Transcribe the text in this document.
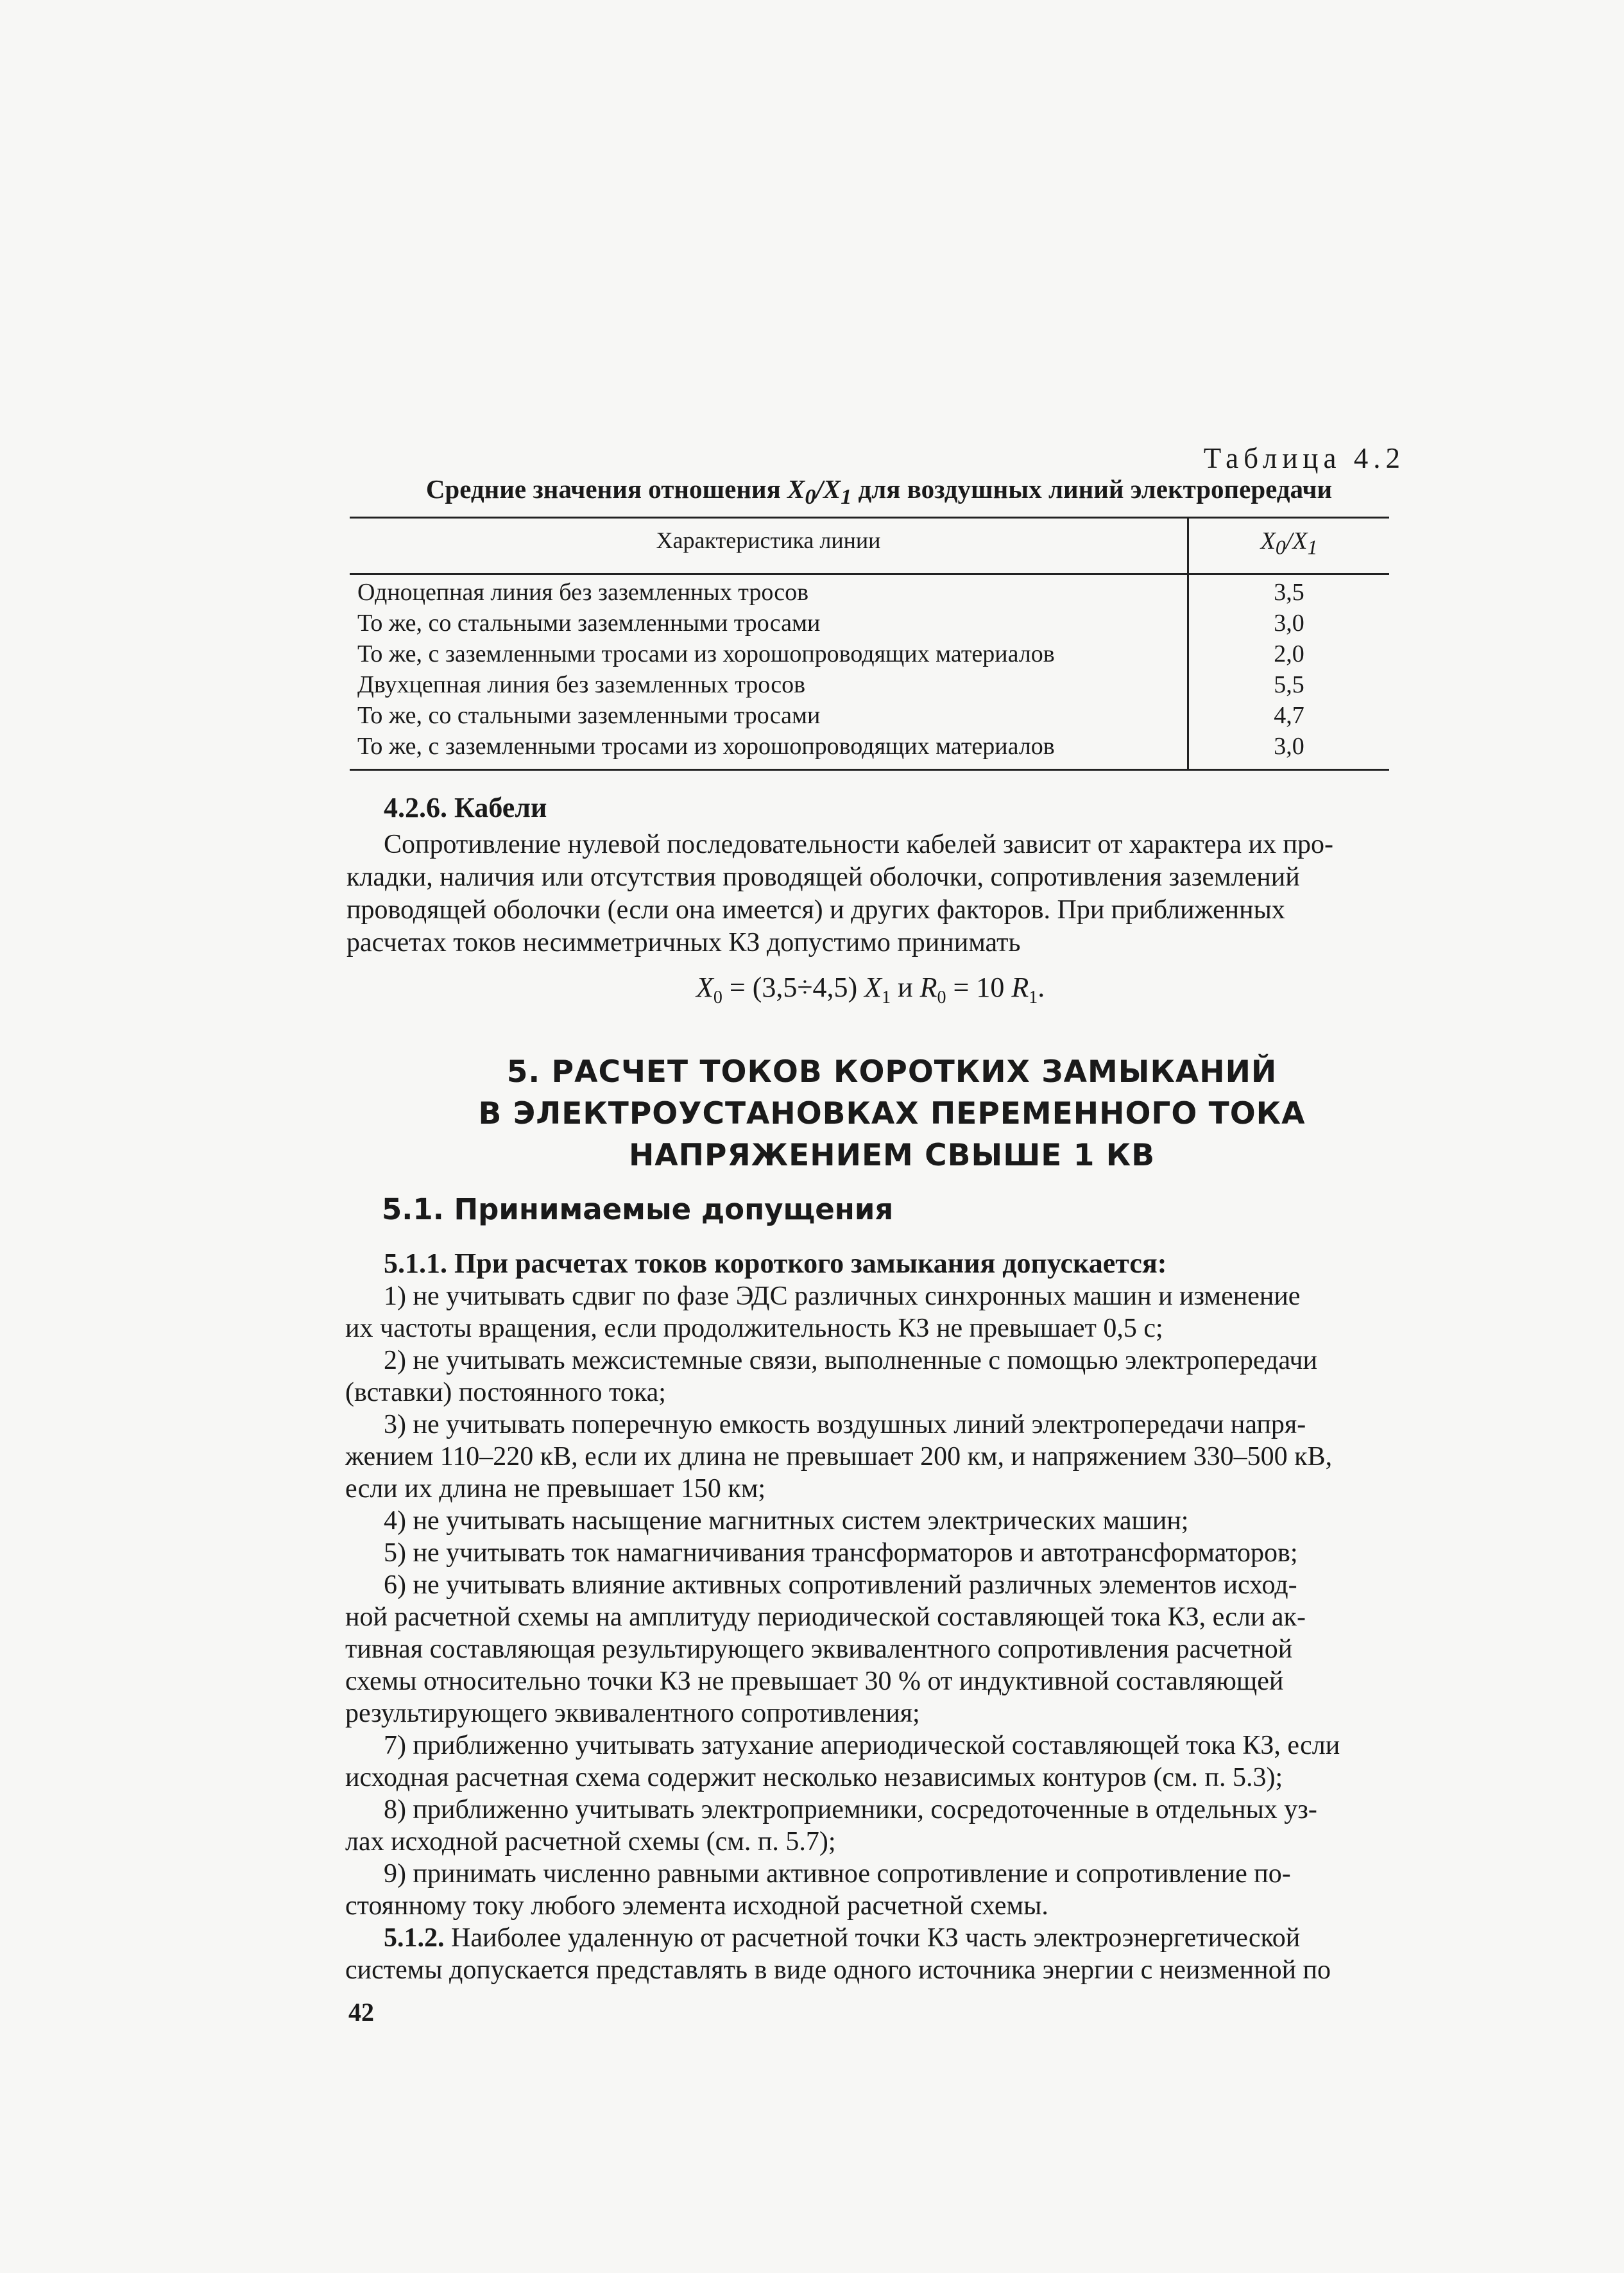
Таблица 4.2
Средние значения отношения $X_0/X_1$ для воздушных линий электропередачи
Характеристика линии	$X_0/X_1$
Одноцепная линия без заземленных тросов	3,5
То же, со стальными заземленными тросами	3,0
То же, с заземленными тросами из хорошопроводящих материалов	2,0
Двухцепная линия без заземленных тросов	5,5
То же, со стальными заземленными тросами	4,7
То же, с заземленными тросами из хорошопроводящих материалов	3,0
4.2.6. Кабели
Сопротивление нулевой последовательности кабелей зависит от характера их про-
кладки, наличия или отсутствия проводящей оболочки, сопротивления заземлений
проводящей оболочки (если она имеется) и других факторов. При приближенных
расчетах токов несимметричных КЗ допустимо принимать
$X_0 = (3,5\div 4,5)$ $X_1$ и $R_0 = 10$ $R_1$.
5. РАСЧЕТ ТОКОВ КОРОТКИХ ЗАМЫКАНИЙ
В ЭЛЕКТРОУСТАНОВКАХ ПЕРЕМЕННОГО ТОКА
НАПРЯЖЕНИЕМ СВЫШЕ 1 КВ
5.1. Принимаемые допущения
5.1.1. При расчетах токов короткого замыкания допускается:
1) не учитывать сдвиг по фазе ЭДС различных синхронных машин и изменение
их частоты вращения, если продолжительность КЗ не превышает 0,5 с;
2) не учитывать межсистемные связи, выполненные с помощью электропередачи
(вставки) постоянного тока;
3) не учитывать поперечную емкость воздушных линий электропередачи напря-
жением 110–220 кВ, если их длина не превышает 200 км, и напряжением 330–500 кВ,
если их длина не превышает 150 км;
4) не учитывать насыщение магнитных систем электрических машин;
5) не учитывать ток намагничивания трансформаторов и автотрансформаторов;
6) не учитывать влияние активных сопротивлений различных элементов исход-
ной расчетной схемы на амплитуду периодической составляющей тока КЗ, если ак-
тивная составляющая результирующего эквивалентного сопротивления расчетной
схемы относительно точки КЗ не превышает 30 % от индуктивной составляющей
результирующего эквивалентного сопротивления;
7) приближенно учитывать затухание апериодической составляющей тока КЗ, если
исходная расчетная схема содержит несколько независимых контуров (см. п. 5.3);
8) приближенно учитывать электроприемники, сосредоточенные в отдельных уз-
лах исходной расчетной схемы (см. п. 5.7);
9) принимать численно равными активное сопротивление и сопротивление по-
стоянному току любого элемента исходной расчетной схемы.
5.1.2. Наиболее удаленную от расчетной точки КЗ часть электроэнергетической
системы допускается представлять в виде одного источника энергии с неизменной по
42
